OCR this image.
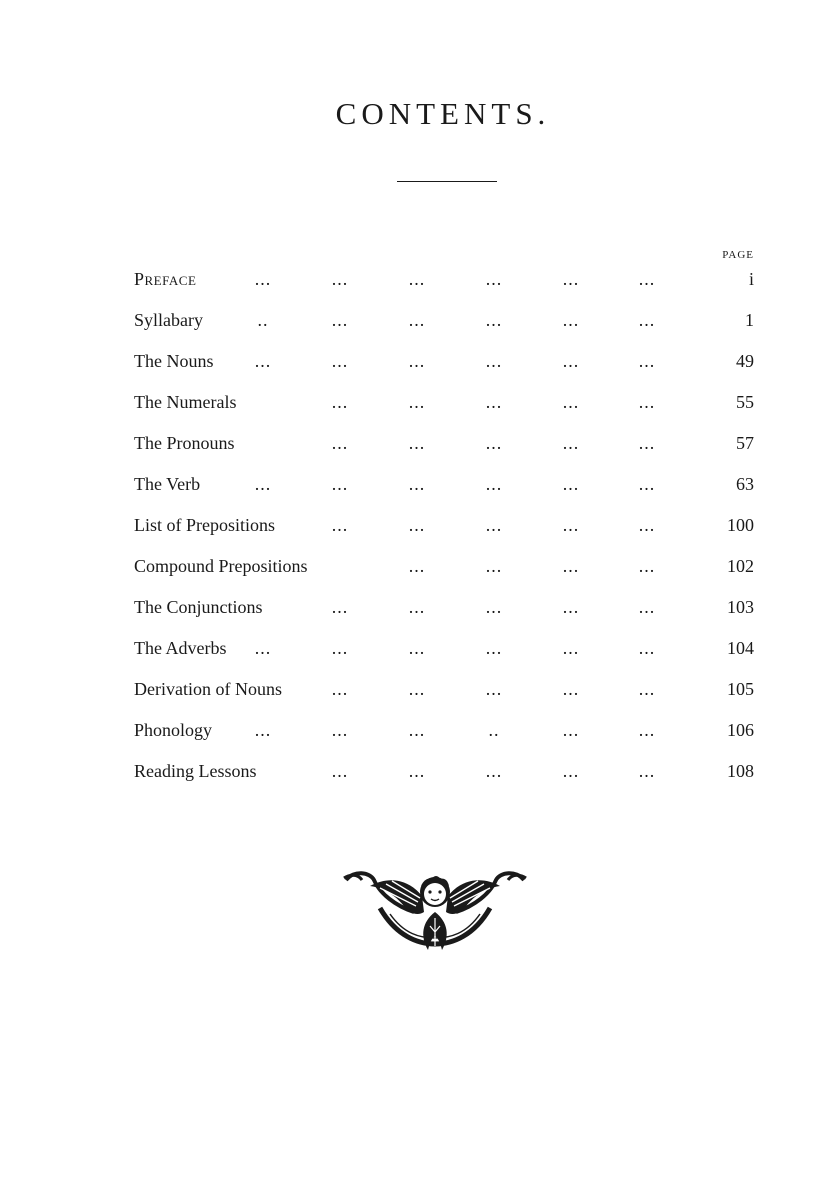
CONTENTS.
PAGE
Preface	...	...	...	...	...	...	i
Syllabary	..	...	...	...	...	...	1
The Nouns	...	...	...	...	...	...	49
The Numerals	...	...	...	...	...	55
The Pronouns	...	...	...	...	...	57
The Verb	...	...	...	...	...	...	63
List of Prepositions	...	...	...	...	...	100
Compound Prepositions	...	...	...	...	102
The Conjunctions	...	...	...	...	...	103
The Adverbs	...	...	...	...	...	...	104
Derivation of Nouns	...	...	...	...	...	105
Phonology	...	...	...	..	...	...	106
Reading Lessons	...	...	...	...	...	108
